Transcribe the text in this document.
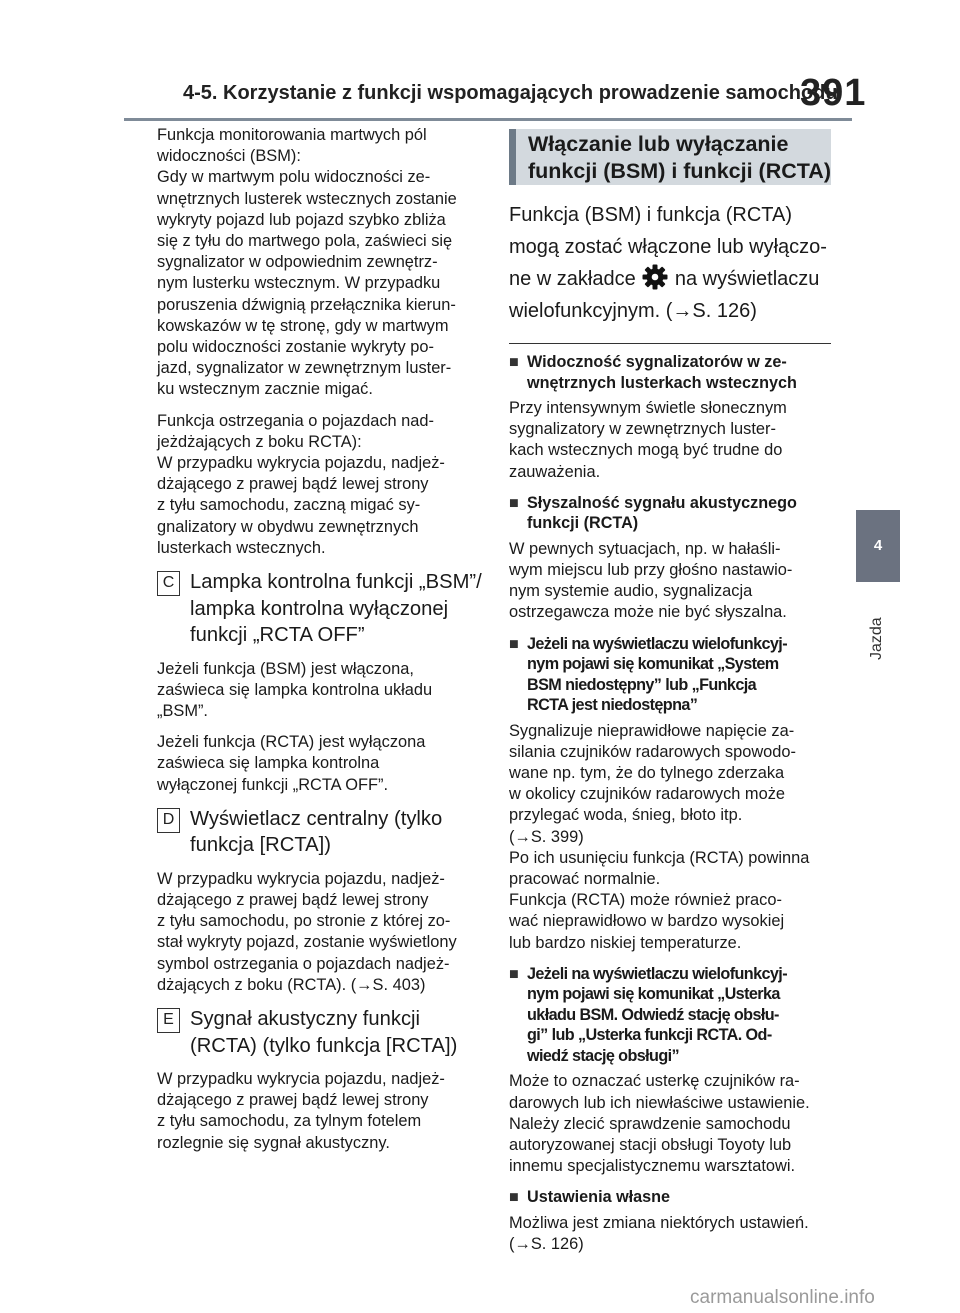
4-5. Korzystanie z funkcji wspomagających prowadzenie samochodu
391

Funkcja monitorowania martwych pól
widoczności (BSM):
Gdy w martwym polu widoczności ze-
wnętrznych lusterek wstecznych zostanie
wykryty pojazd lub pojazd szybko zbliża
się z tyłu do martwego pola, zaświeci się
sygnalizator w odpowiednim zewnętrz-
nym lusterku wstecznym. W przypadku
poruszenia dźwignią przełącznika kierun-
kowskazów w tę stronę, gdy w martwym
polu widoczności zostanie wykryty po-
jazd, sygnalizator w zewnętrznym luster-
ku wstecznym zacznie migać.

Funkcja ostrzegania o pojazdach nad-
jeżdżających z boku RCTA):
W przypadku wykrycia pojazdu, nadjeż-
dżającego z prawej bądź lewej strony
z tyłu samochodu, zaczną migać sy-
gnalizatory w obydwu zewnętrznych
lusterkach wstecznych.

C Lampka kontrolna funkcji „BSM”/
lampka kontrolna wyłączonej
funkcji „RCTA OFF”

Jeżeli funkcja (BSM) jest włączona,
zaświeca się lampka kontrolna układu
„BSM”.

Jeżeli funkcja (RCTA) jest wyłączona
zaświeca się lampka kontrolna
wyłączonej funkcji „RCTA OFF”.

D Wyświetlacz centralny (tylko
funkcja [RCTA])

W przypadku wykrycia pojazdu, nadjeż-
dżającego z prawej bądź lewej strony
z tyłu samochodu, po stronie z której zo-
stał wykryty pojazd, zostanie wyświetlony
symbol ostrzegania o pojazdach nadjeż-
dżających z boku (RCTA). (→S. 403)

E Sygnał akustyczny funkcji
(RCTA) (tylko funkcja [RCTA])

W przypadku wykrycia pojazdu, nadjeż-
dżającego z prawej bądź lewej strony
z tyłu samochodu, za tylnym fotelem
rozlegnie się sygnał akustyczny.

Włączanie lub wyłączanie
funkcji (BSM) i funkcji (RCTA)
Funkcja (BSM) i funkcja (RCTA)
mogą zostać włączone lub wyłączo-
ne w zakładce na wyświetlaczu
wielofunkcyjnym. (→S. 126)
■ Widoczność sygnalizatorów w ze-
wnętrznych lusterkach wstecznych

Przy intensywnym świetle słonecznym
sygnalizatory w zewnętrznych luster-
kach wstecznych mogą być trudne do
zauważenia.

■ Słyszalność sygnału akustycznego
funkcji (RCTA)

W pewnych sytuacjach, np. w hałaśli-
wym miejscu lub przy głośno nastawio-
nym systemie audio, sygnalizacja
ostrzegawcza może nie być słyszalna.

■ Jeżeli na wyświetlaczu wielofunkcyj-
nym pojawi się komunikat „System
BSM niedostępny” lub „Funkcja
RCTA jest niedostępna”

Sygnalizuje nieprawidłowe napięcie za-
silania czujników radarowych spowodo-
wane np. tym, że do tylnego zderzaka
w okolicy czujników radarowych może
przylegać woda, śnieg, błoto itp.
(→S. 399)
Po ich usunięciu funkcja (RCTA) powinna
pracować normalnie.
Funkcja (RCTA) może również praco-
wać nieprawidłowo w bardzo wysokiej
lub bardzo niskiej temperaturze.

■ Jeżeli na wyświetlaczu wielofunkcyj-
nym pojawi się komunikat „Usterka
układu BSM. Odwiedź stację obsłu-
gi” lub „Usterka funkcji RCTA. Od-
wiedź stację obsługi”

Może to oznaczać usterkę czujników ra-
darowych lub ich niewłaściwe ustawienie.
Należy zlecić sprawdzenie samochodu
autoryzowanej stacji obsługi Toyoty lub
innemu specjalistycznemu warsztatowi.

■ Ustawienia własne

Możliwa jest zmiana niektórych ustawień.
(→S. 126)

4
Jazda
carmanualsonline.info
